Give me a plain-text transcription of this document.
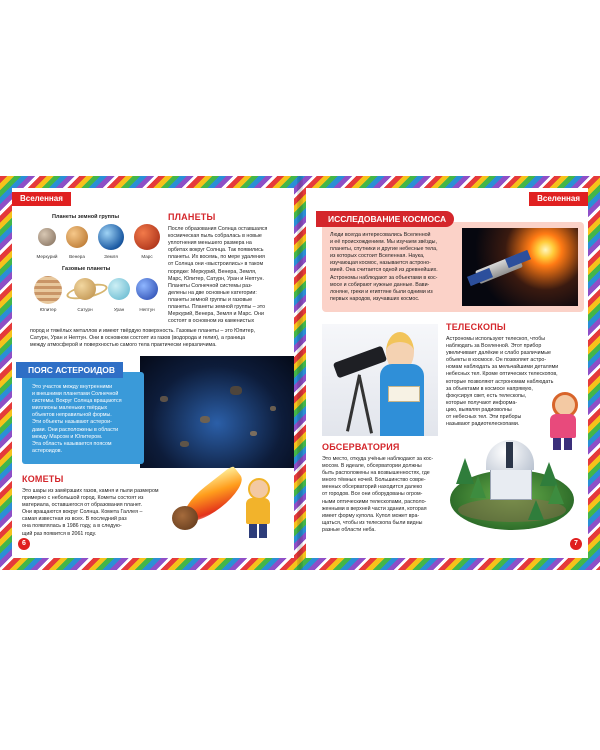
Вселенная	Вселенная
Планеты земной группы
Меркурий	Венера	Земля	Марс
Газовые планеты
Юпитер	Сатурн	Уран	Нептун
ПЛАНЕТЫ
После образования Солнца оставшаяся
космическая пыль собралась в новые
уплотнения меньшего размера на
орбитах вокруг Солнца. Так появились
планеты. Их восемь, по мере удаления
от Солнца они «выстроились» в таком
порядке: Меркурий, Венера, Земля,
Марс, Юпитер, Сатурн, Уран и Нептун.
Планеты Солнечной системы раз-
делены на две основные категории:
планеты земной группы и газовые
планеты. Планеты земной группы – это
Меркурий, Венера, Земля и Марс. Они
состоят в основном из каменистых
пород и тяжёлых металлов и имеют твёрдую поверхность. Газовые планеты – это Юпитер,
Сатурн, Уран и Нептун. Они в основном состоят из газов (водорода и гелия), а граница
между атмосферой и поверхностью самого тела практически неразличима.
ПОЯС АСТЕРОИДОВ
Это участок между внутренними
и внешними планетами Солнечной
системы. Вокруг Солнца вращаются
миллионы маленьких твёрдых
объектов неправильной формы.
Эти объекты называют астерои-
дами. Они расположены в области
между Марсом и Юпитером.
Эта область называется поясом
астероидов.
КОМЕТЫ
Это шары из замёрзших газов, камня и пыли размером
примерно с небольшой город. Кометы состоят из
материала, оставшегося от образования планет.
Они вращаются вокруг Солнца. Комета Галлея –
самая известная из всех. В последний раз
она появлялась в 1986 году, а в следую-
щий раз появится в 2061 году.
6	7
ИССЛЕДОВАНИЕ КОСМОСА
Люди всегда интересовались Вселенной
и её происхождением. Мы изучаем звёзды,
планеты, спутники и другие небесные тела,
из которых состоит Вселенная. Наука,
изучающая космос, называется астроно-
мией. Она считается одной из древнейших.
Астрономы наблюдают за объектами в кос-
мосе и собирают нужные данные. Вави-
лоняне, греки и египтяне были одними из
первых народов, изучавших космос.
ТЕЛЕСКОПЫ
Астрономы используют телескоп, чтобы
наблюдать за Вселенной. Этот прибор
увеличивает далёкие и слабо различимые
объекты в космосе. Он позволяет астро-
номам наблюдать за мельчайшими деталями
небесных тел. Кроме оптических телескопов,
которые позволяют астрономам наблюдать
за объектами в космосе напрямую,
фокусируя свет, есть телескопы,
которые получают информа-
цию, выявляя радиоволны
от небесных тел. Эти приборы
называют радиотелескопами.
ОБСЕРВАТОРИЯ
Это место, откуда учёные наблюдают за кос-
мосом. В идеале, обсерватории должны
быть расположены на возвышенностях, где
много тёмных ночей. Большинство совре-
менных обсерваторий находится далеко
от городов. Все они оборудованы огром-
ными оптическими телескопами, располо-
женными в верхней части здания, которая
имеет форму купола. Купол может вра-
щаться, чтобы из телескопа были видны
разные области неба.
